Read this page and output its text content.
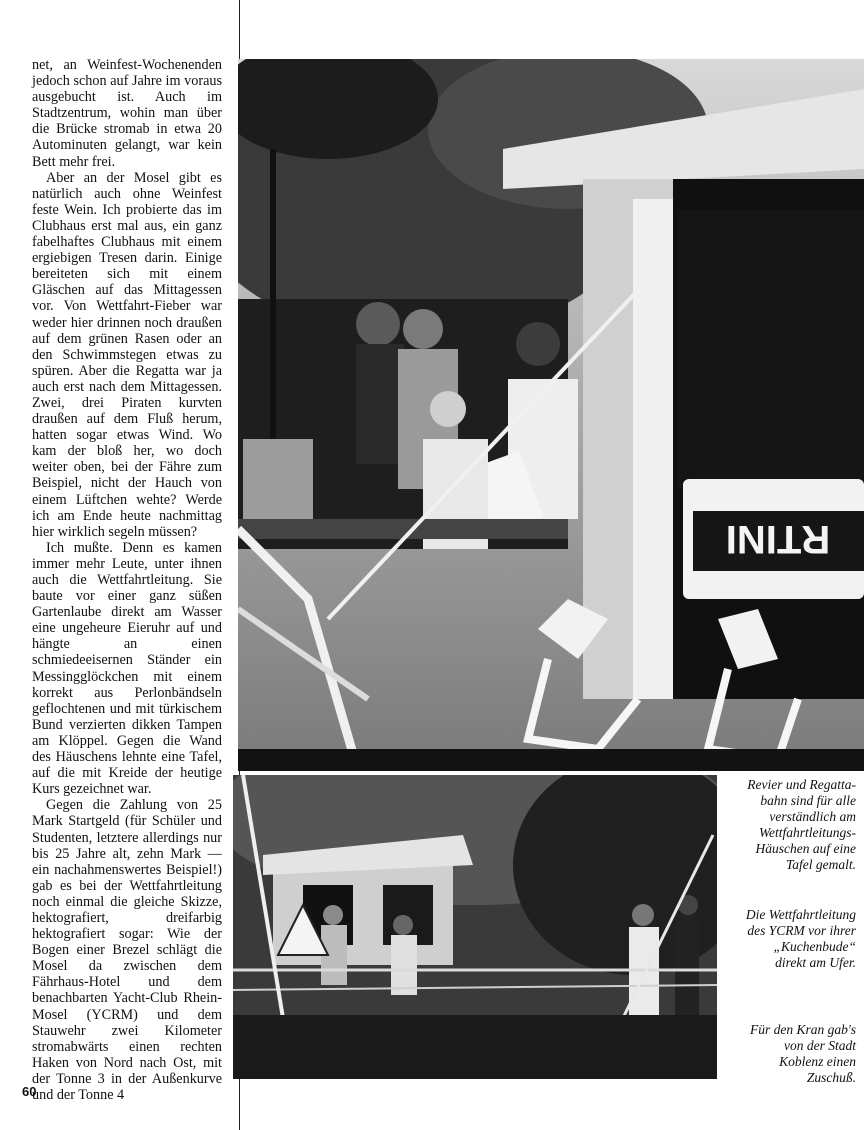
net, an Weinfest-Wochenenden jedoch schon auf Jahre im voraus ausgebucht ist. Auch im Stadtzentrum, wohin man über die Brücke stromab in etwa 20 Autominuten gelangt, war kein Bett mehr frei.

Aber an der Mosel gibt es natürlich auch ohne Weinfest feste Wein. Ich probierte das im Clubhaus erst mal aus, ein ganz fabelhaftes Clubhaus mit einem ergiebigen Tresen darin. Einige bereiteten sich mit einem Gläschen auf das Mittagessen vor. Von Wettfahrt-Fieber war weder hier drinnen noch draußen auf dem grünen Rasen oder an den Schwimmstegen etwas zu spüren. Aber die Regatta war ja auch erst nach dem Mittagessen. Zwei, drei Piraten kurvten draußen auf dem Fluß herum, hatten sogar etwas Wind. Wo kam der bloß her, wo doch weiter oben, bei der Fähre zum Beispiel, nicht der Hauch von einem Lüftchen wehte? Werde ich am Ende heute nachmittag hier wirklich segeln müssen?

Ich mußte. Denn es kamen immer mehr Leute, unter ihnen auch die Wettfahrtleitung. Sie baute vor einer ganz süßen Gartenlaube direkt am Wasser eine ungeheure Eieruhr auf und hängte an einen schmiedeeisernen Ständer ein Messingglöckchen mit einem korrekt aus Perlonbändseln geflochtenen und mit türkischem Bund verzierten dikken Tampen am Klöppel. Gegen die Wand des Häuschens lehnte eine Tafel, auf die mit Kreide der heutige Kurs gezeichnet war.

Gegen die Zahlung von 25 Mark Startgeld (für Schüler und Studenten, letztere allerdings nur bis 25 Jahre alt, zehn Mark — ein nachahmenswertes Beispiel!) gab es bei der Wettfahrtleitung noch einmal die gleiche Skizze, hektografiert, dreifarbig hektografiert sogar: Wie der Bogen einer Brezel schlägt die Mosel da zwischen dem Fährhaus-Hotel und dem benachbarten Yacht-Club Rhein-Mosel (YCRM) und dem Stauwehr zwei Kilometer stromabwärts einen rechten Haken von Nord nach Ost, mit der Tonne 3 in der Außenkurve und der Tonne 4

60
RTINI
Revier und Regatta-
bahn sind für alle
verständlich am
Wettfahrtleitungs-
Häuschen auf eine
Tafel gemalt.
Die Wettfahrtleitung
des YCRM vor ihrer
„Kuchenbude“
direkt am Ufer.
Für den Kran gab's
von der Stadt
Koblenz einen
Zuschuß.
